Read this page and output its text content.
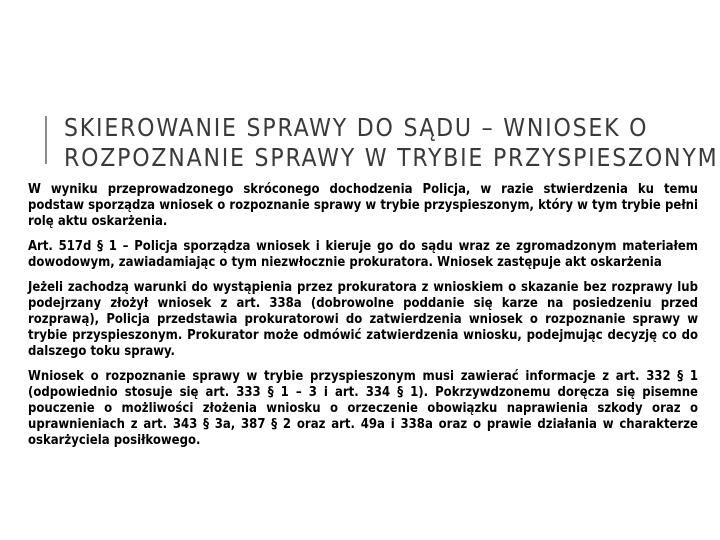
SKIEROWANIE SPRAWY DO SĄDU – WNIOSEK O
ROZPOZNANIE SPRAWY W TRYBIE PRZYSPIESZONYM

W wyniku przeprowadzonego skróconego dochodzenia Policja, w razie stwierdzenia ku temu podstaw sporządza wniosek o rozpoznanie sprawy w trybie przyspieszonym, który w tym trybie pełni rolę aktu oskarżenia.

Art. 517d § 1 – Policja sporządza wniosek i kieruje go do sądu wraz ze zgromadzonym materiałem dowodowym, zawiadamiając o tym niezwłocznie prokuratora. Wniosek zastępuje akt oskarżenia

Jeżeli zachodzą warunki do wystąpienia przez prokuratora z wnioskiem o skazanie bez rozprawy lub podejrzany złożył wniosek z art. 338a (dobrowolne poddanie się karze na posiedzeniu przed rozprawą), Policja przedstawia prokuratorowi do zatwierdzenia wniosek o rozpoznanie sprawy w trybie przyspieszonym. Prokurator może odmówić zatwierdzenia wniosku, podejmując decyzję co do dalszego toku sprawy.

Wniosek o rozpoznanie sprawy w trybie przyspieszonym musi zawierać informacje z art. 332 § 1 (odpowiednio stosuje się art. 333 § 1 – 3 i art. 334 § 1). Pokrzywdzonemu doręcza się pisemne pouczenie o możliwości złożenia wniosku o orzeczenie obowiązku naprawienia szkody oraz o uprawnieniach z art. 343 § 3a, 387 § 2 oraz art. 49a i 338a oraz o prawie działania w charakterze oskarżyciela posiłkowego.
